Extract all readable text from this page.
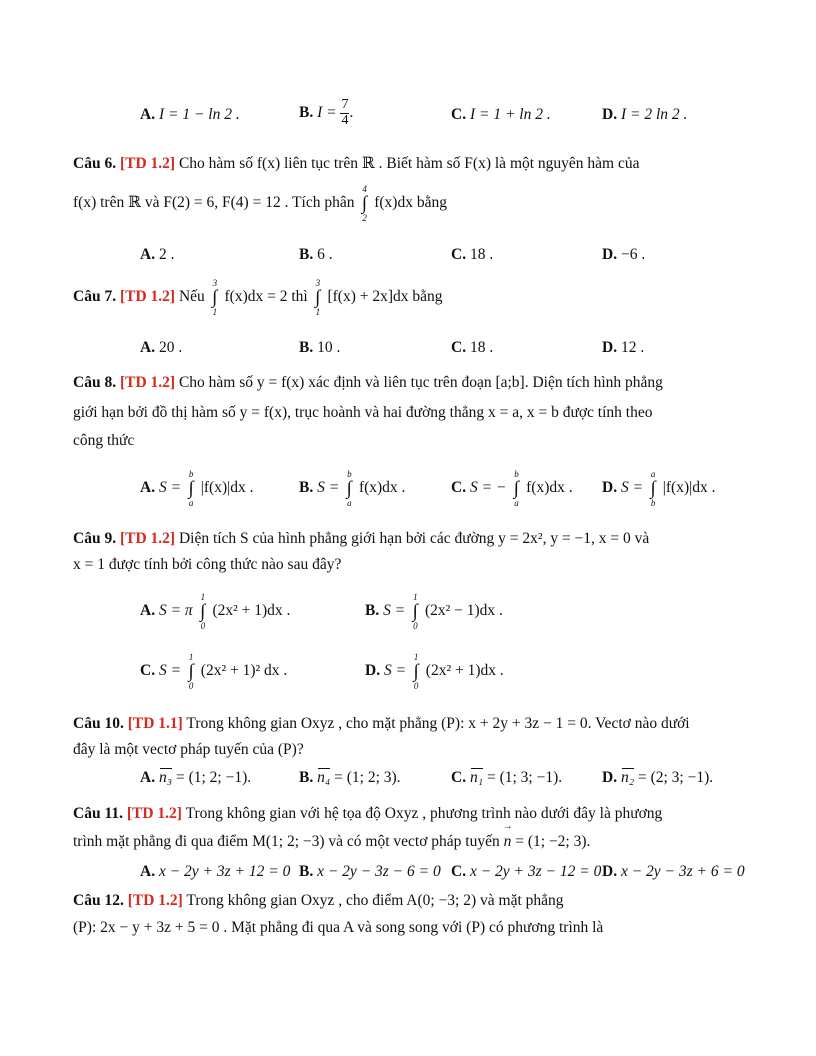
A. I = 1 − ln 2 .	B. $I = \frac{7}{4}$ .	C. I = 1 + ln 2 .	D. I = 2 ln 2 .
Câu 6. [TD 1.2] Cho hàm số f(x) liên tục trên ℝ . Biết hàm số F(x) là một nguyên hàm của
f(x) trên ℝ và F(2) = 6, F(4) = 12 . Tích phân ∫
4
2
f(x)dx bằng
A. 2 .	B. 6 .	C. 18 .	D. −6 .
Câu 7. [TD 1.2] Nếu ∫
3
1
f(x)dx = 2 thì ∫
3
1
[f(x) + 2x]dx bằng
A. 20 .	B. 10 .	C. 18 .	D. 12 .
Câu 8. [TD 1.2] Cho hàm số y = f(x) xác định và liên tục trên đoạn [a;b]. Diện tích hình phẳng
giới hạn bởi đồ thị hàm số y = f(x), trục hoành và hai đường thẳng x = a, x = b được tính theo
công thức
A. S = ∫
b
a
|f(x)|dx .	B. S = ∫
b
a
f(x)dx .	C. S = − ∫
b
a
f(x)dx . D. S = ∫
a
b
|f(x)|dx .
Câu 9. [TD 1.2] Diện tích S của hình phẳng giới hạn bởi các đường y = 2x², y = −1, x = 0 và
x = 1 được tính bởi công thức nào sau đây?
A. S = π ∫
1
0
(2x² + 1)dx .	B. S = ∫
1
0
(2x² − 1)dx .
C. S = ∫
1
0
(2x² + 1)² dx .	D. S = ∫
1
0
(2x² + 1)dx .
Câu 10. [TD 1.1] Trong không gian Oxyz , cho mặt phẳng (P): x + 2y + 3z − 1 = 0. Vectơ nào dưới
đây là một vectơ pháp tuyến của (P)?
A. n₃ = (1; 2; −1).	B. n₄ = (1; 2; 3).	C. n₁ = (1; 3; −1).	D. n₂ = (2; 3; −1).
Câu 11. [TD 1.2] Trong không gian với hệ tọa độ Oxyz , phương trình nào dưới đây là phương
trình mặt phẳng đi qua điểm M(1; 2; −3) và có một vectơ pháp tuyến n → = (1; −2; 3).
A. x − 2y + 3z + 12 = 0 B. x − 2y − 3z − 6 = 0 C. x − 2y + 3z − 12 = 0 D. x − 2y − 3z + 6 = 0
Câu 12. [TD 1.2] Trong không gian Oxyz , cho điểm A(0; −3; 2) và mặt phẳng
(P): 2x − y + 3z + 5 = 0 . Mặt phẳng đi qua A và song song với (P) có phương trình là
